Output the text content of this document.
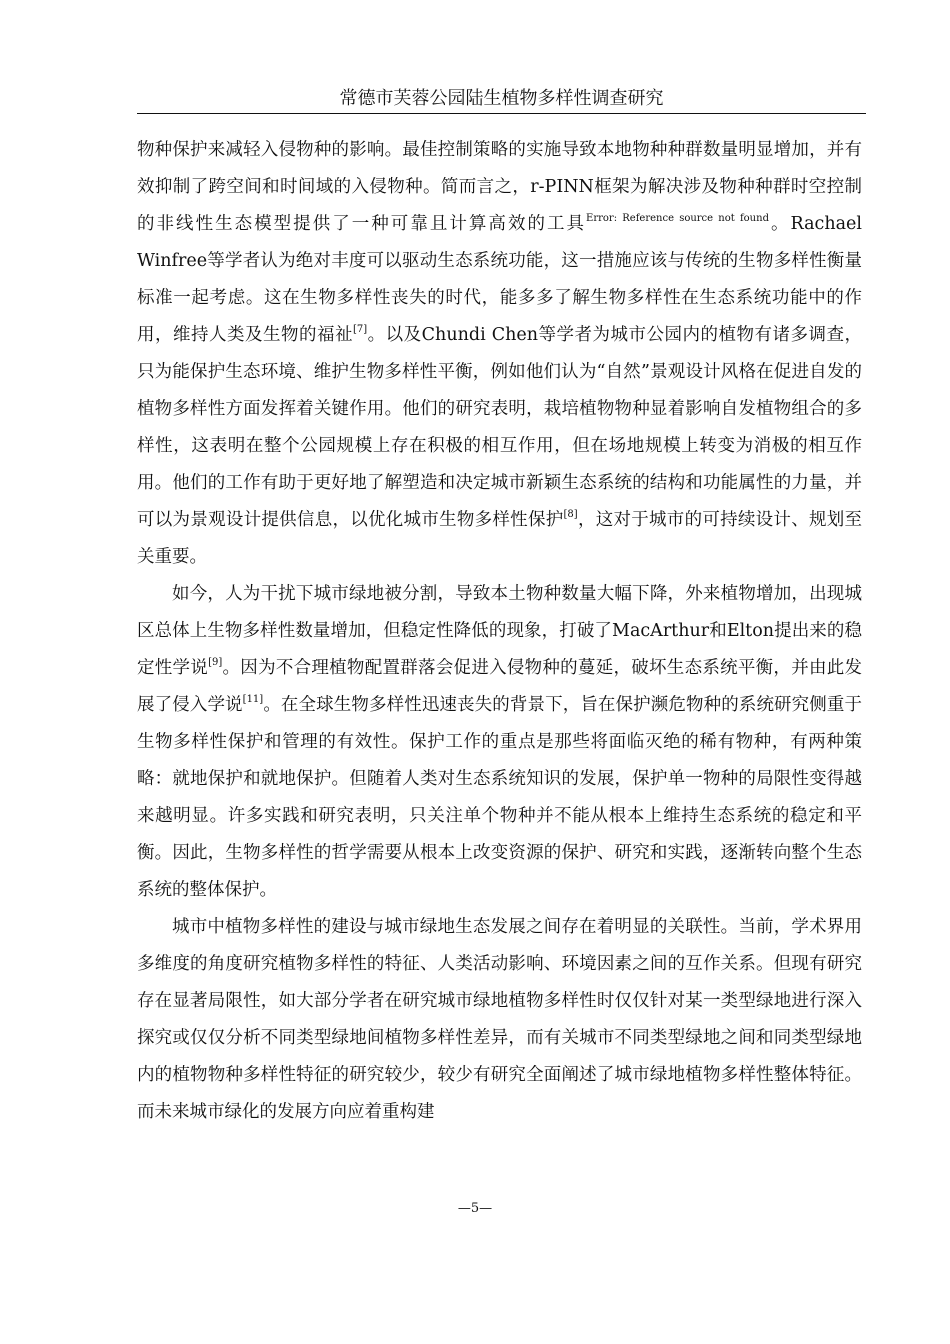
常德市芙蓉公园陆生植物多样性调查研究

物种保护来减轻入侵物种的影响。最佳控制策略的实施导致本地物种种群数量明显增加，并有效抑制了跨空间和时间域的入侵物种。简而言之，r-PINN框架为解决涉及物种种群时空控制的非线性生态模型提供了一种可靠且计算高效的工具$^{Error: Reference source not found}$。Rachael Winfree等学者认为绝对丰度可以驱动生态系统功能，这一措施应该与传统的生物多样性衡量标准一起考虑。这在生物多样性丧失的时代，能多多了解生物多样性在生态系统功能中的作用，维持人类及生物的福祉[7]。以及Chundi Chen等学者为城市公园内的植物有诸多调查，只为能保护生态环境、维护生物多样性平衡，例如他们认为“自然”景观设计风格在促进自发的植物多样性方面发挥着关键作用。他们的研究表明，栽培植物物种显着影响自发植物组合的多样性，这表明在整个公园规模上存在积极的相互作用，但在场地规模上转变为消极的相互作用。他们的工作有助于更好地了解塑造和决定城市新颖生态系统的结构和功能属性的力量，并可以为景观设计提供信息，以优化城市生物多样性保护[8]，这对于城市的可持续设计、规划至关重要。

如今，人为干扰下城市绿地被分割，导致本土物种数量大幅下降，外来植物增加，出现城区总体上生物多样性数量增加，但稳定性降低的现象，打破了MacArthur和Elton提出来的稳定性学说[9]。因为不合理植物配置群落会促进入侵物种的蔓延，破坏生态系统平衡，并由此发展了侵入学说[11]。在全球生物多样性迅速丧失的背景下，旨在保护濒危物种的系统研究侧重于生物多样性保护和管理的有效性。保护工作的重点是那些将面临灭绝的稀有物种，有两种策略：就地保护和就地保护。但随着人类对生态系统知识的发展，保护单一物种的局限性变得越来越明显。许多实践和研究表明，只关注单个物种并不能从根本上维持生态系统的稳定和平衡。因此，生物多样性的哲学需要从根本上改变资源的保护、研究和实践，逐渐转向整个生态系统的整体保护。

城市中植物多样性的建设与城市绿地生态发展之间存在着明显的关联性。当前，学术界用多维度的角度研究植物多样性的特征、人类活动影响、环境因素之间的互作关系。但现有研究存在显著局限性，如大部分学者在研究城市绿地植物多样性时仅仅针对某一类型绿地进行深入探究或仅仅分析不同类型绿地间植物多样性差异，而有关城市不同类型绿地之间和同类型绿地内的植物物种多样性特征的研究较少，较少有研究全面阐述了城市绿地植物多样性整体特征。而未来城市绿化的发展方向应着重构建

—5—
